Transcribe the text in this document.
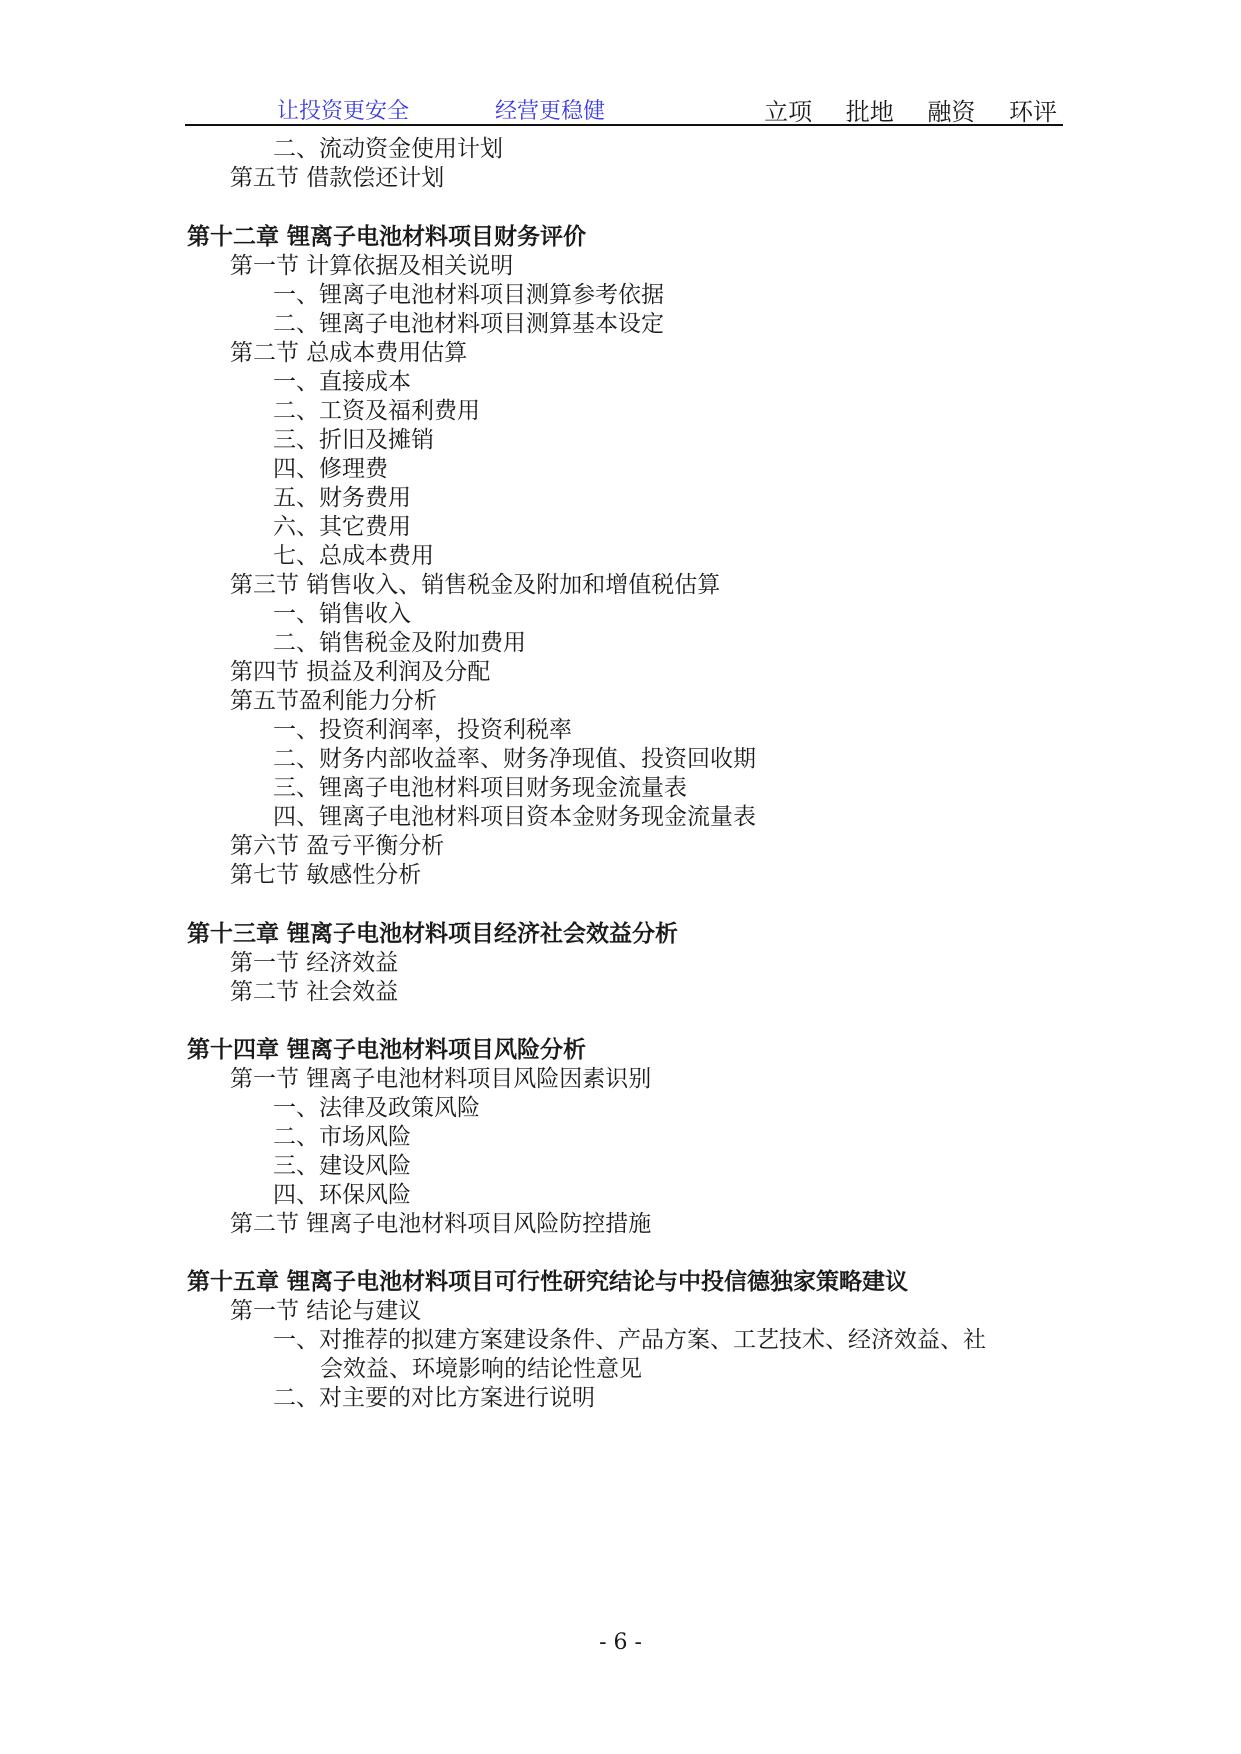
让投资更安全	经营更稳健	立项 批地 融资 环评
二、流动资金使用计划
第五节 借款偿还计划
第十二章 锂离子电池材料项目财务评价
第一节 计算依据及相关说明
一、锂离子电池材料项目测算参考依据
二、锂离子电池材料项目测算基本设定
第二节 总成本费用估算
一、直接成本
二、工资及福利费用
三、折旧及摊销
四、修理费
五、财务费用
六、其它费用
七、总成本费用
第三节 销售收入、销售税金及附加和增值税估算
一、销售收入
二、销售税金及附加费用
第四节 损益及利润及分配
第五节盈利能力分析
一、投资利润率，投资利税率
二、财务内部收益率、财务净现值、投资回收期
三、锂离子电池材料项目财务现金流量表
四、锂离子电池材料项目资本金财务现金流量表
第六节 盈亏平衡分析
第七节 敏感性分析
第十三章 锂离子电池材料项目经济社会效益分析
第一节 经济效益
第二节 社会效益
第十四章 锂离子电池材料项目风险分析
第一节 锂离子电池材料项目风险因素识别
一、法律及政策风险
二、市场风险
三、建设风险
四、环保风险
第二节 锂离子电池材料项目风险防控措施
第十五章 锂离子电池材料项目可行性研究结论与中投信德独家策略建议
第一节 结论与建议
一、对推荐的拟建方案建设条件、产品方案、工艺技术、经济效益、社
会效益、环境影响的结论性意见
二、对主要的对比方案进行说明
- 6 -
